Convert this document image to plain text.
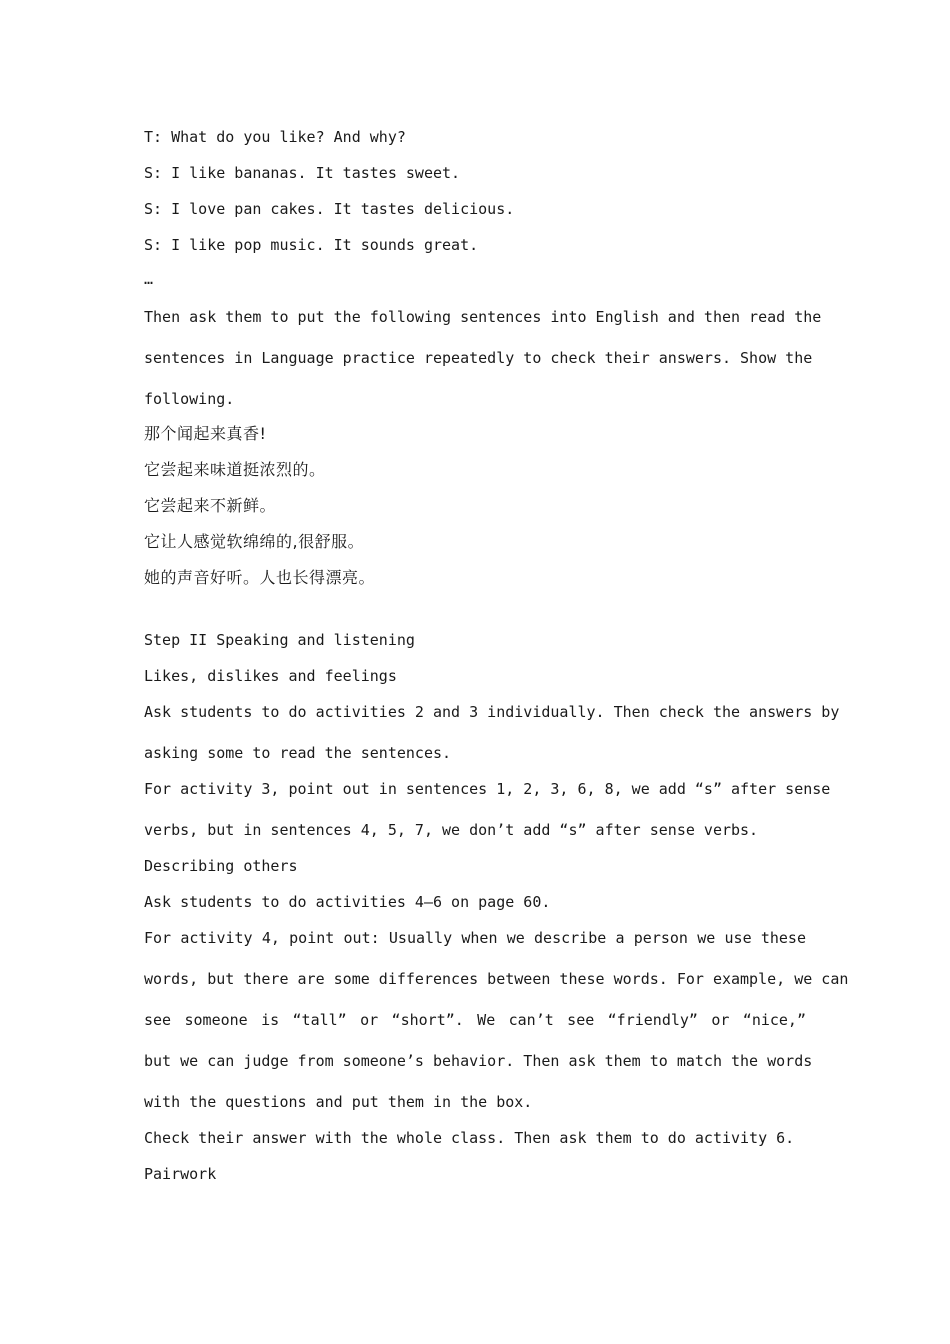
T: What do you like? And why?

S: I like bananas. It tastes sweet.

S: I love pan cakes. It tastes delicious.

S: I like pop music. It sounds great.

…

Then ask them to put the following sentences into English and then read the

sentences in Language practice repeatedly to check their answers. Show the

following.

那个闻起来真香!

它尝起来味道挺浓烈的。

它尝起来不新鲜。

它让人感觉软绵绵的,很舒服。

她的声音好听。人也长得漂亮。

Step II Speaking and listening

Likes, dislikes and feelings

Ask students to do activities 2 and 3 individually. Then check the answers by

asking some to read the sentences.

For activity 3, point out in sentences 1, 2, 3, 6, 8, we add “s” after sense

verbs, but in sentences 4, 5, 7, we don’t add “s” after sense verbs.

Describing others

Ask students to do activities 4—6 on page 60.

For activity 4, point out: Usually when we describe a person we use these

words, but there are some differences between these words. For example, we can

see someone is “tall” or “short”. We can’t see “friendly” or “nice,”

but we can judge from someone’s behavior. Then ask them to match the words

with the questions and put them in the box.

Check their answer with the whole class. Then ask them to do activity 6.

Pairwork
